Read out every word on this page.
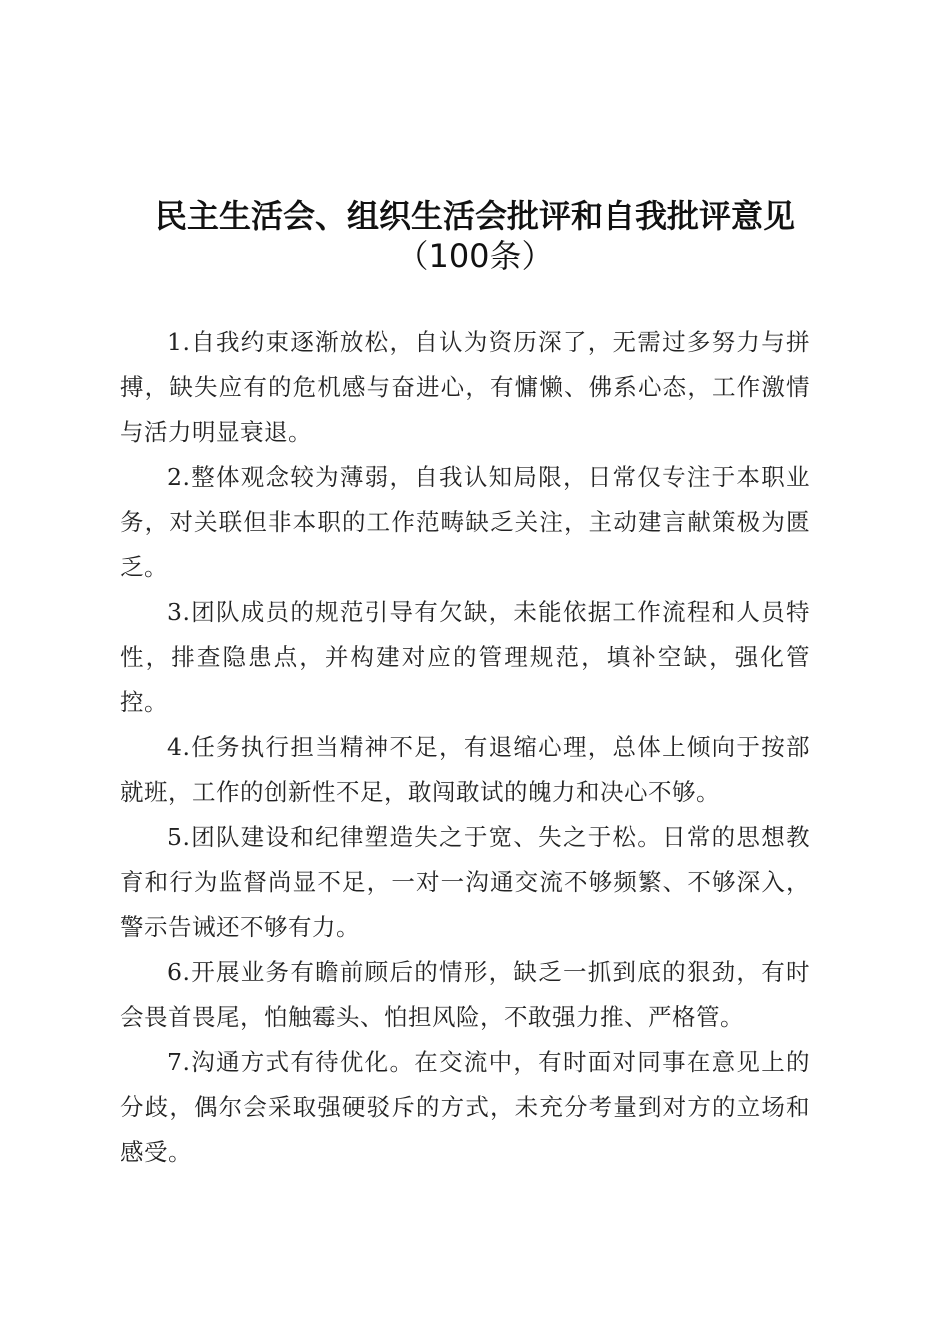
民主生活会、组织生活会批评和自我批评意见
（100条）

1.自我约束逐渐放松，自认为资历深了，无需过多努力与拼搏，缺失应有的危机感与奋进心，有慵懒、佛系心态，工作激情与活力明显衰退。

2.整体观念较为薄弱，自我认知局限，日常仅专注于本职业务，对关联但非本职的工作范畴缺乏关注，主动建言献策极为匮乏。

3.团队成员的规范引导有欠缺，未能依据工作流程和人员特性，排查隐患点，并构建对应的管理规范，填补空缺，强化管控。

4.任务执行担当精神不足，有退缩心理，总体上倾向于按部就班，工作的创新性不足，敢闯敢试的魄力和决心不够。

5.团队建设和纪律塑造失之于宽、失之于松。日常的思想教育和行为监督尚显不足，一对一沟通交流不够频繁、不够深入，警示告诫还不够有力。

6.开展业务有瞻前顾后的情形，缺乏一抓到底的狠劲，有时会畏首畏尾，怕触霉头、怕担风险，不敢强力推、严格管。

7.沟通方式有待优化。在交流中，有时面对同事在意见上的分歧，偶尔会采取强硬驳斥的方式，未充分考量到对方的立场和感受。
